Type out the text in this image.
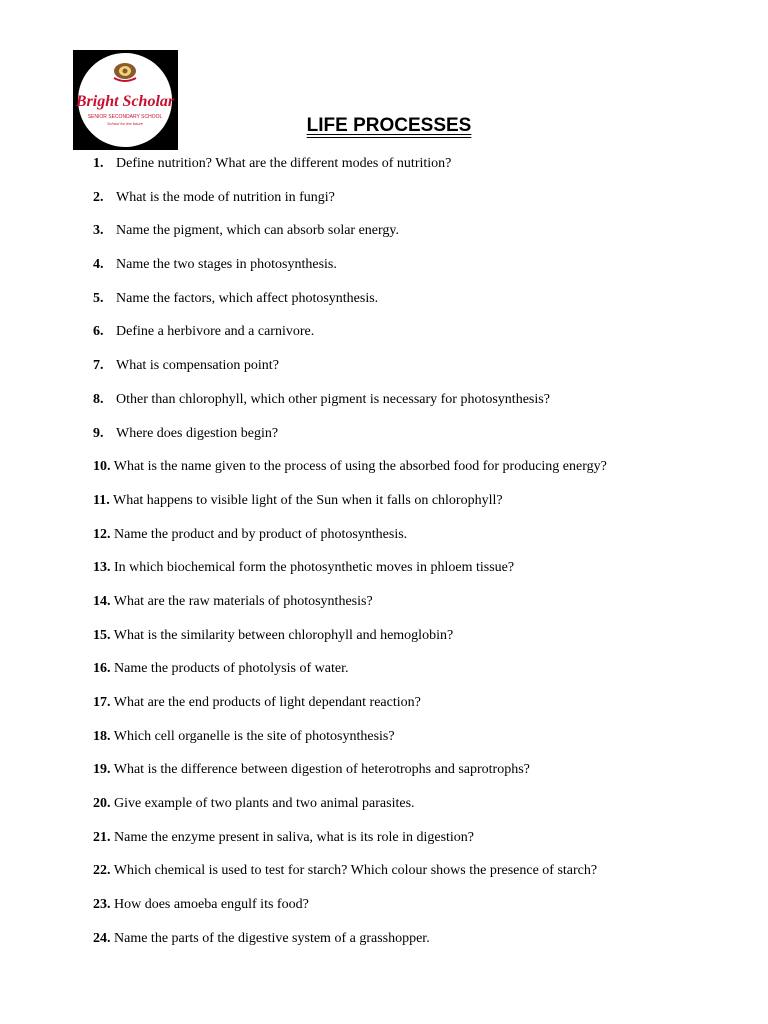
Bright Scholar
SENIOR SECONDARY SCHOOL
School for the future	LIFE PROCESSES
1. Define nutrition? What are the different modes of nutrition?
2. What is the mode of nutrition in fungi?
3. Name the pigment, which can absorb solar energy.
4. Name the two stages in photosynthesis.
5. Name the factors, which affect photosynthesis.
6. Define a herbivore and a carnivore.
7. What is compensation point?
8. Other than chlorophyll, which other pigment is necessary for photosynthesis?
9. Where does digestion begin?
10. What is the name given to the process of using the absorbed food for producing energy?
11. What happens to visible light of the Sun when it falls on chlorophyll?
12. Name the product and by product of photosynthesis.
13. In which biochemical form the photosynthetic moves in phloem tissue?
14. What are the raw materials of photosynthesis?
15. What is the similarity between chlorophyll and hemoglobin?
16. Name the products of photolysis of water.
17. What are the end products of light dependant reaction?
18. Which cell organelle is the site of photosynthesis?
19. What is the difference between digestion of heterotrophs and saprotrophs?
20. Give example of two plants and two animal parasites.
21. Name the enzyme present in saliva, what is its role in digestion?
22. Which chemical is used to test for starch? Which colour shows the presence of starch?
23. How does amoeba engulf its food?
24. Name the parts of the digestive system of a grasshopper.
